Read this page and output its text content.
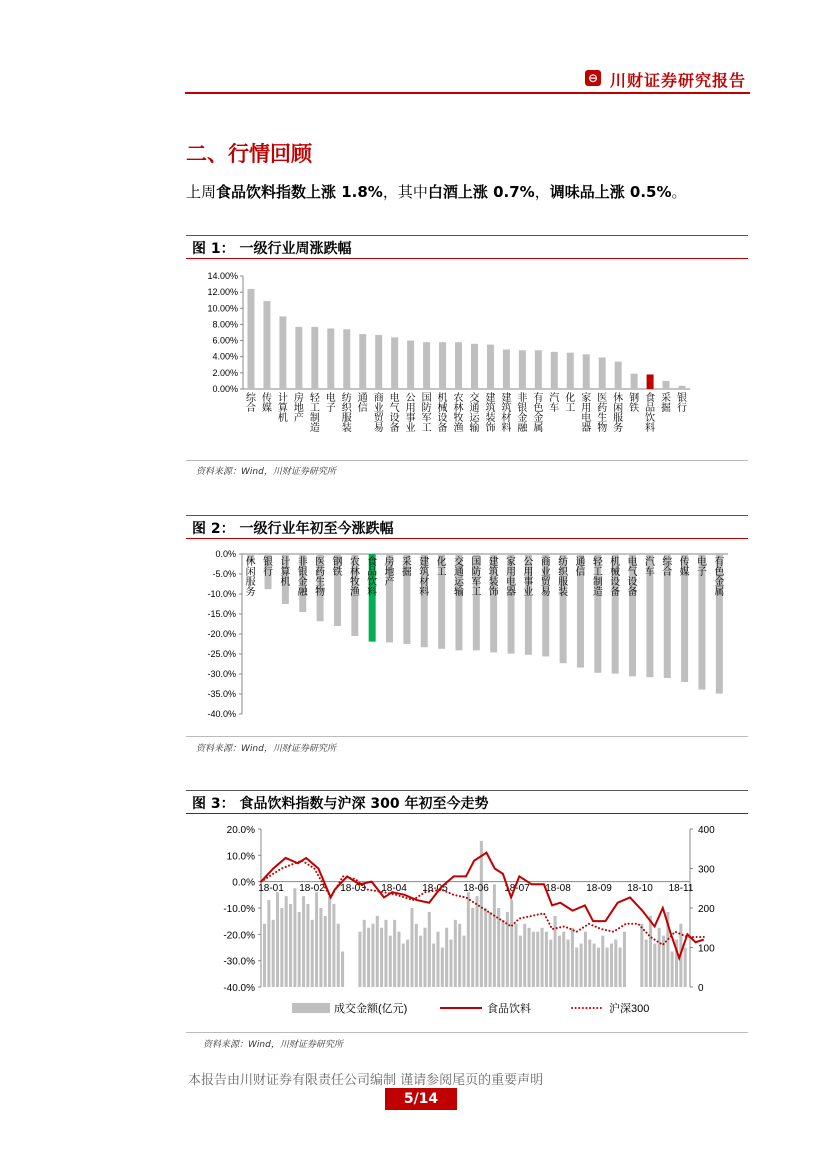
⊖ 川财证券研究报告
二、行情回顾
上周食品饮料指数上涨 1.8%，其中白酒上涨 0.7%，调味品上涨 0.5%。
图 1： 一级行业周涨跌幅
0.00%
2.00%
4.00%
6.00%
8.00%
10.00%
12.00%
14.00%
综合
传媒
计算机
房地产
轻工制造
电子
纺织服装
通信
商业贸易
电气设备
公用事业
国防军工
机械设备
农林牧渔
交通运输
建筑装饰
建筑材料
非银金融
有色金属
汽车
化工
家用电器
医药生物
休闲服务
钢铁
食品饮料
采掘
银行
资料来源：Wind，川财证券研究所
图 2： 一级行业年初至今涨跌幅
0.0%
-5.0%
-10.0%
-15.0%
-20.0%
-25.0%
-30.0%
-35.0%
-40.0%
休闲服务
银行
计算机
非银金融
医药生物
钢铁
农林牧渔
食品饮料
房地产
采掘
建筑材料
化工
交通运输
国防军工
建筑装饰
家用电器
公用事业
商业贸易
纺织服装
通信
轻工制造
机械设备
电气设备
汽车
综合
传媒
电子
有色金属
资料来源：Wind，川财证券研究所
图 3： 食品饮料指数与沪深 300 年初至今走势
20.0%
10.0%
0.0%
-10.0%
-20.0%
-30.0%
-40.0%
400
300
200
100
0
18-01 18-02 18-03 18-04 18-05 18-06 18-07 18-08 18-09 18-10 18-11
成交金额(亿元)	食品饮料	沪深300
资料来源：Wind，川财证券研究所
本报告由川财证券有限责任公司编制 谨请参阅尾页的重要声明
5/14
